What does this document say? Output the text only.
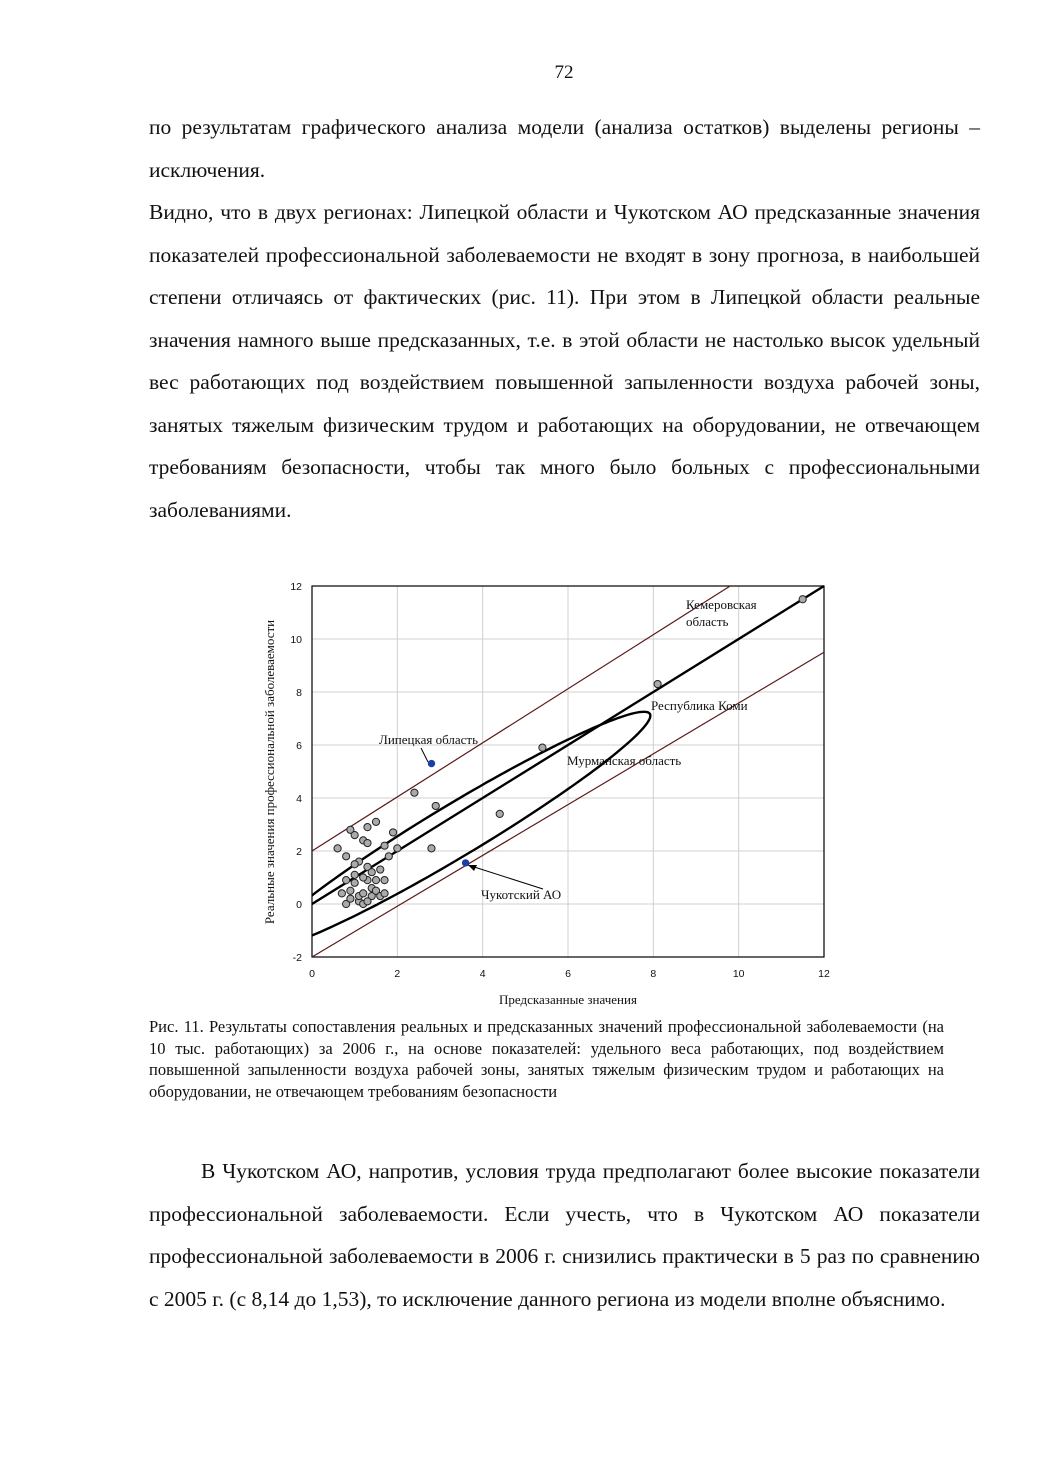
72

по результатам графического анализа модели (анализа остатков) выделены регионы – исключения.

Видно, что в двух регионах: Липецкой области и Чукотском АО предсказанные значения показателей профессиональной заболеваемости не входят в зону прогноза, в наибольшей степени отличаясь от фактических (рис. 11). При этом в Липецкой области реальные значения намного выше предсказанных, т.е. в этой области не настолько высок удельный вес работающих под воздействием повышенной запыленности воздуха рабочей зоны, занятых тяжелым физическим трудом и работающих на оборудовании, не отвечающем требованиям безопасности, чтобы так много было больных с профессиональными заболеваниями.

0	2	4	6	8	10	12
-2
0
2
4
6
8
10
12
Кемеровская область
Республика Коми
Липецкая область
Мурманская область
Чукотский АО
Предсказанные значения
Реальные значения профессиональной заболеваемости

Рис. 11. Результаты сопоставления реальных и предсказанных значений профессиональной заболеваемости (на 10 тыс. работающих) за 2006 г., на основе показателей: удельного веса работающих, под воздействием повышенной запыленности воздуха рабочей зоны, занятых тяжелым физическим трудом и работающих на оборудовании, не отвечающем требованиям безопасности

В Чукотском АО, напротив, условия труда предполагают более высокие показатели профессиональной заболеваемости. Если учесть, что в Чукотском АО показатели профессиональной заболеваемости в 2006 г. снизились практически в 5 раз по сравнению с 2005 г. (с 8,14 до 1,53), то исключение данного региона из модели вполне объяснимо.
